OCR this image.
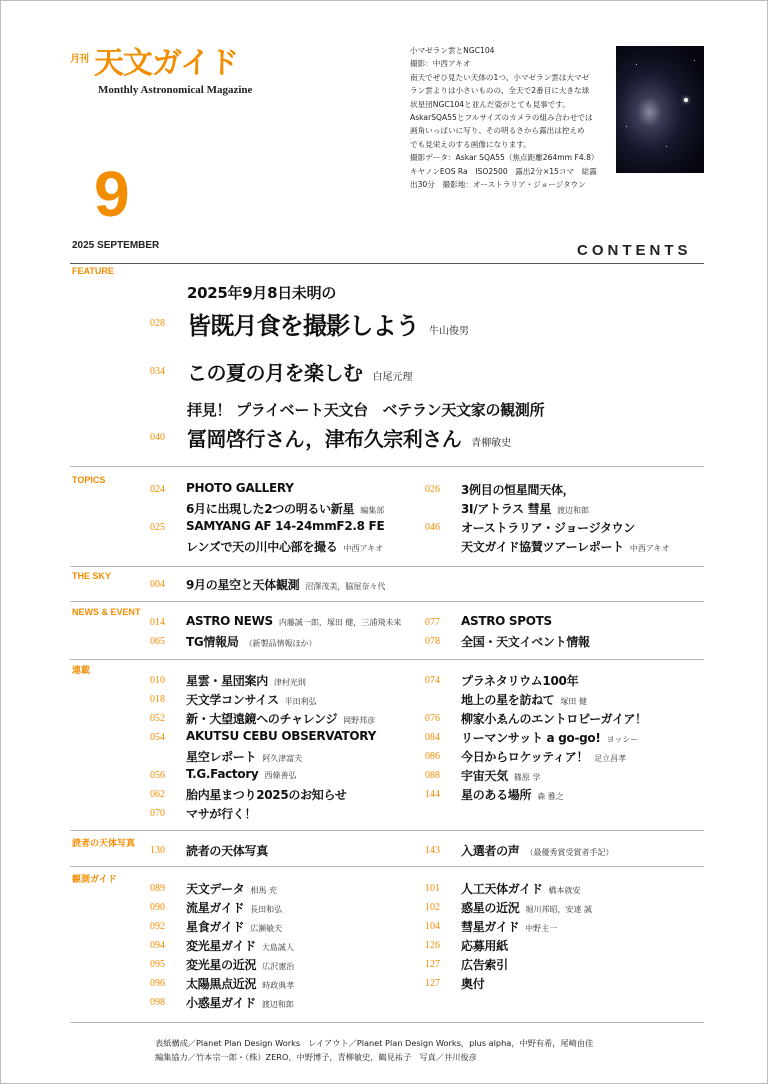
月刊 天文ガイド
Monthly Astronomical Magazine
9
2025 SEPTEMBER
小マゼラン雲とNGC104
撮影：中西アキオ
南天でぜひ見たい天体の1つ、小マゼラン雲は大マゼ
ラン雲よりは小さいものの、全天で2番目に大きな球
状星団NGC104と並んだ姿がとても見事です。
AskarSQA55とフルサイズのカメラの組み合わせでは
画角いっぱいに写り、その明るさから露出は控えめ
でも見栄えのする画像になります。
撮影データ：Askar SQA55（焦点距離264mm F4.8）
キヤノンEOS Ra　ISO2500　露出2分×15コマ　総露
出30分　撮影地：オーストラリア・ジョージタウン
CONTENTS
FEATURE
2025年9月8日未明の
028 皆既月食を撮影しよう 牛山俊男
034 この夏の月を楽しむ 白尾元理
拝見！ プライベート天文台　ベテラン天文家の観測所
040 冨岡啓行さん，津布久宗利さん 青柳敏史
TOPICS
024 PHOTO GALLERY
6月に出現した2つの明るい新星 編集部
025 SAMYANG AF 14-24mmF2.8 FE
レンズで天の川中心部を撮る 中西アキオ
026 3例目の恒星間天体，
3I/アトラス 彗星 渡辺和郎
046 オーストラリア・ジョージタウン
天文ガイド協賛ツアーレポート 中西アキオ
THE SKY
004 9月の星空と天体観測 沼澤茂美，脇屋奈々代
NEWS & EVENT
014 ASTRO NEWS 内藤誠一郎，塚田 健，三浦飛未来
065 TG情報局 （新製品情報ほか）
077 ASTRO SPOTS
078 全国・天文イベント情報
連載
010 星雲・星団案内 津村光則
018 天文学コンサイス 半田利弘
052 新・大望遠鏡へのチャレンジ 岡野邦彦
054 AKUTSU CEBU OBSERVATORY
星空レポート 阿久津富夫
056 T.G.Factory 西條善弘
062 胎内星まつり2025のお知らせ
070 マサが行く！
074 プラネタリウム100年
地上の星を訪ねて 塚田 健
076 柳家小ゑんのエントロピーガイア！
084 リーマンサット a go-go! ヨッシー
086 今日からロケッティア！ 足立昌孝
088 宇宙天気 篠原 学
144 星のある場所 森 雅之
読者の天体写真
130 読者の天体写真	143 入選者の声 （最優秀賞受賞者手記）
観測ガイド
089 天文データ 相馬 充
090 流星ガイド 長田和弘
092 星食ガイド 広瀬敏夫
094 変光星ガイド 大島誠人
095 変光星の近況 広沢憲治
096 太陽黒点近況 時政典孝
098 小惑星ガイド 渡辺和郎
101 人工天体ガイド 橋本就安
102 惑星の近況 堀川邦昭，安達 誠
104 彗星ガイド 中野主一
126 応募用紙
127 広告索引
127 奥付
表紙構成／Planet Plan Design Works　レイアウト／Planet Plan Design Works，plus alpha，中野有希，尾崎由佳
編集協力／竹本宗一郎・（株）ZERO，中野博子，青柳敏史，鶴見祐子　写真／井川俊彦
